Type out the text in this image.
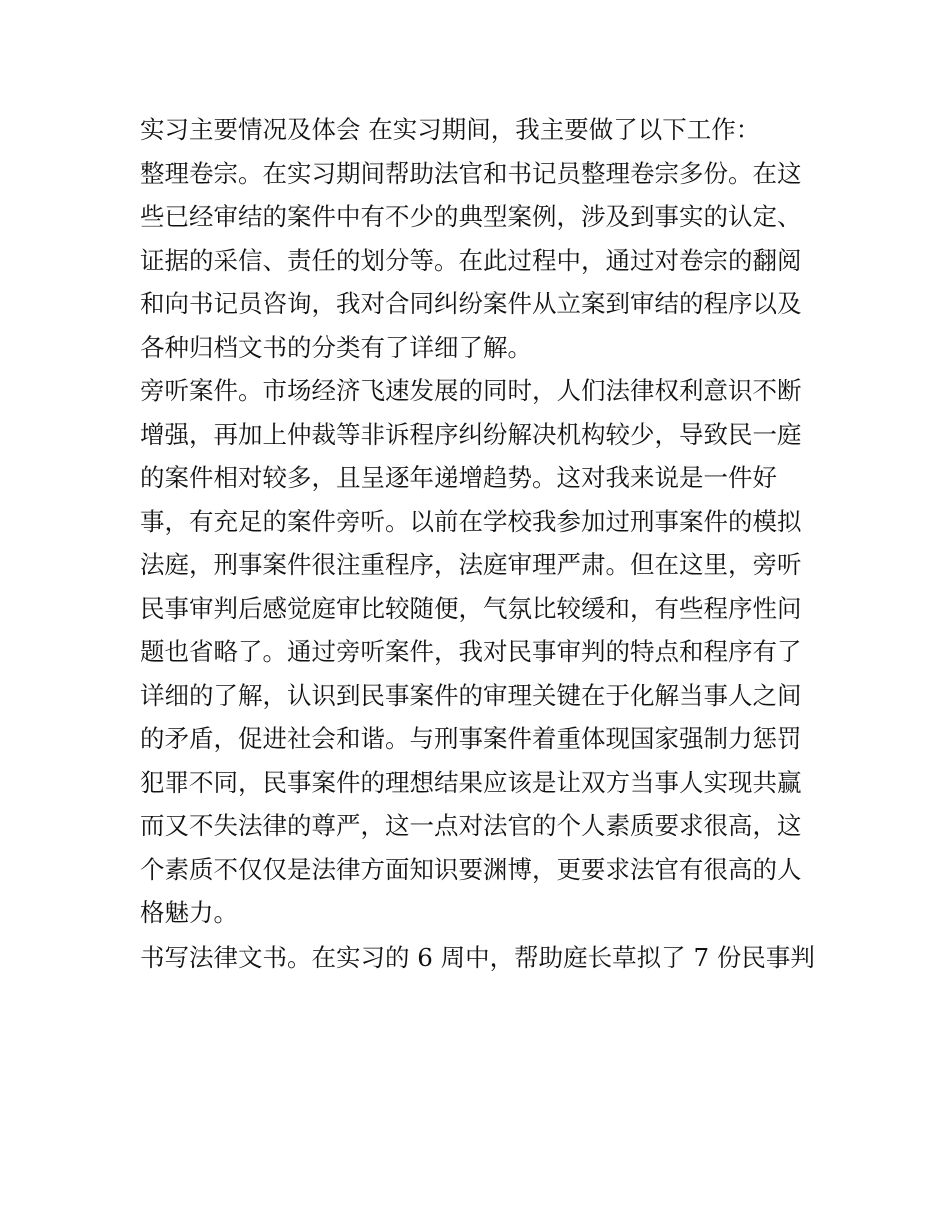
实习主要情况及体会 在实习期间，我主要做了以下工作：

整理卷宗。在实习期间帮助法官和书记员整理卷宗多份。在这些已经审结的案件中有不少的典型案例，涉及到事实的认定、证据的采信、责任的划分等。在此过程中，通过对卷宗的翻阅和向书记员咨询，我对合同纠纷案件从立案到审结的程序以及各种归档文书的分类有了详细了解。

旁听案件。市场经济飞速发展的同时，人们法律权利意识不断增强，再加上仲裁等非诉程序纠纷解决机构较少，导致民一庭的案件相对较多，且呈逐年递增趋势。这对我来说是一件好事，有充足的案件旁听。以前在学校我参加过刑事案件的模拟法庭，刑事案件很注重程序，法庭审理严肃。但在这里，旁听民事审判后感觉庭审比较随便，气氛比较缓和，有些程序性问题也省略了。通过旁听案件，我对民事审判的特点和程序有了详细的了解，认识到民事案件的审理关键在于化解当事人之间的矛盾，促进社会和谐。与刑事案件着重体现国家强制力惩罚犯罪不同，民事案件的理想结果应该是让双方当事人实现共赢而又不失法律的尊严，这一点对法官的个人素质要求很高，这个素质不仅仅是法律方面知识要渊博，更要求法官有很高的人格魅力。

书写法律文书。在实习的 6 周中，帮助庭长草拟了 7 份民事判
